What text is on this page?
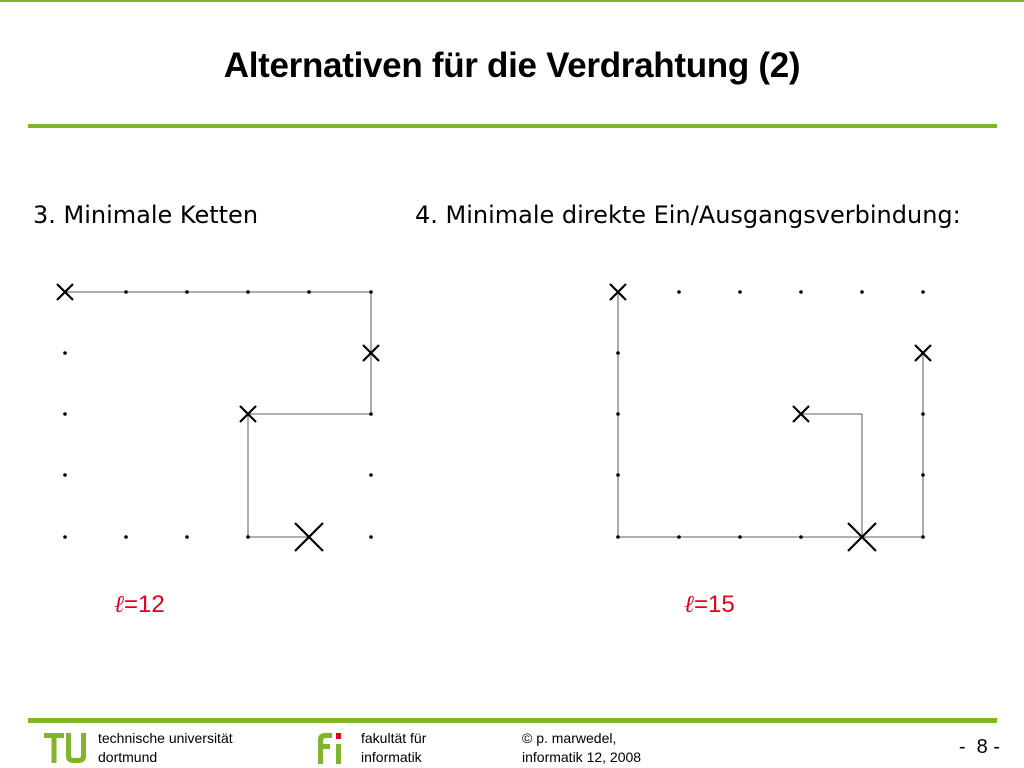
Alternativen für die Verdrahtung (2)
3. Minimale Ketten	4. Minimale direkte Ein/Ausgangsverbindung:
ℓ=12	ℓ=15
technische universität
dortmund
fakultät für
informatik
© p. marwedel,
informatik 12, 2008	-  8 -
